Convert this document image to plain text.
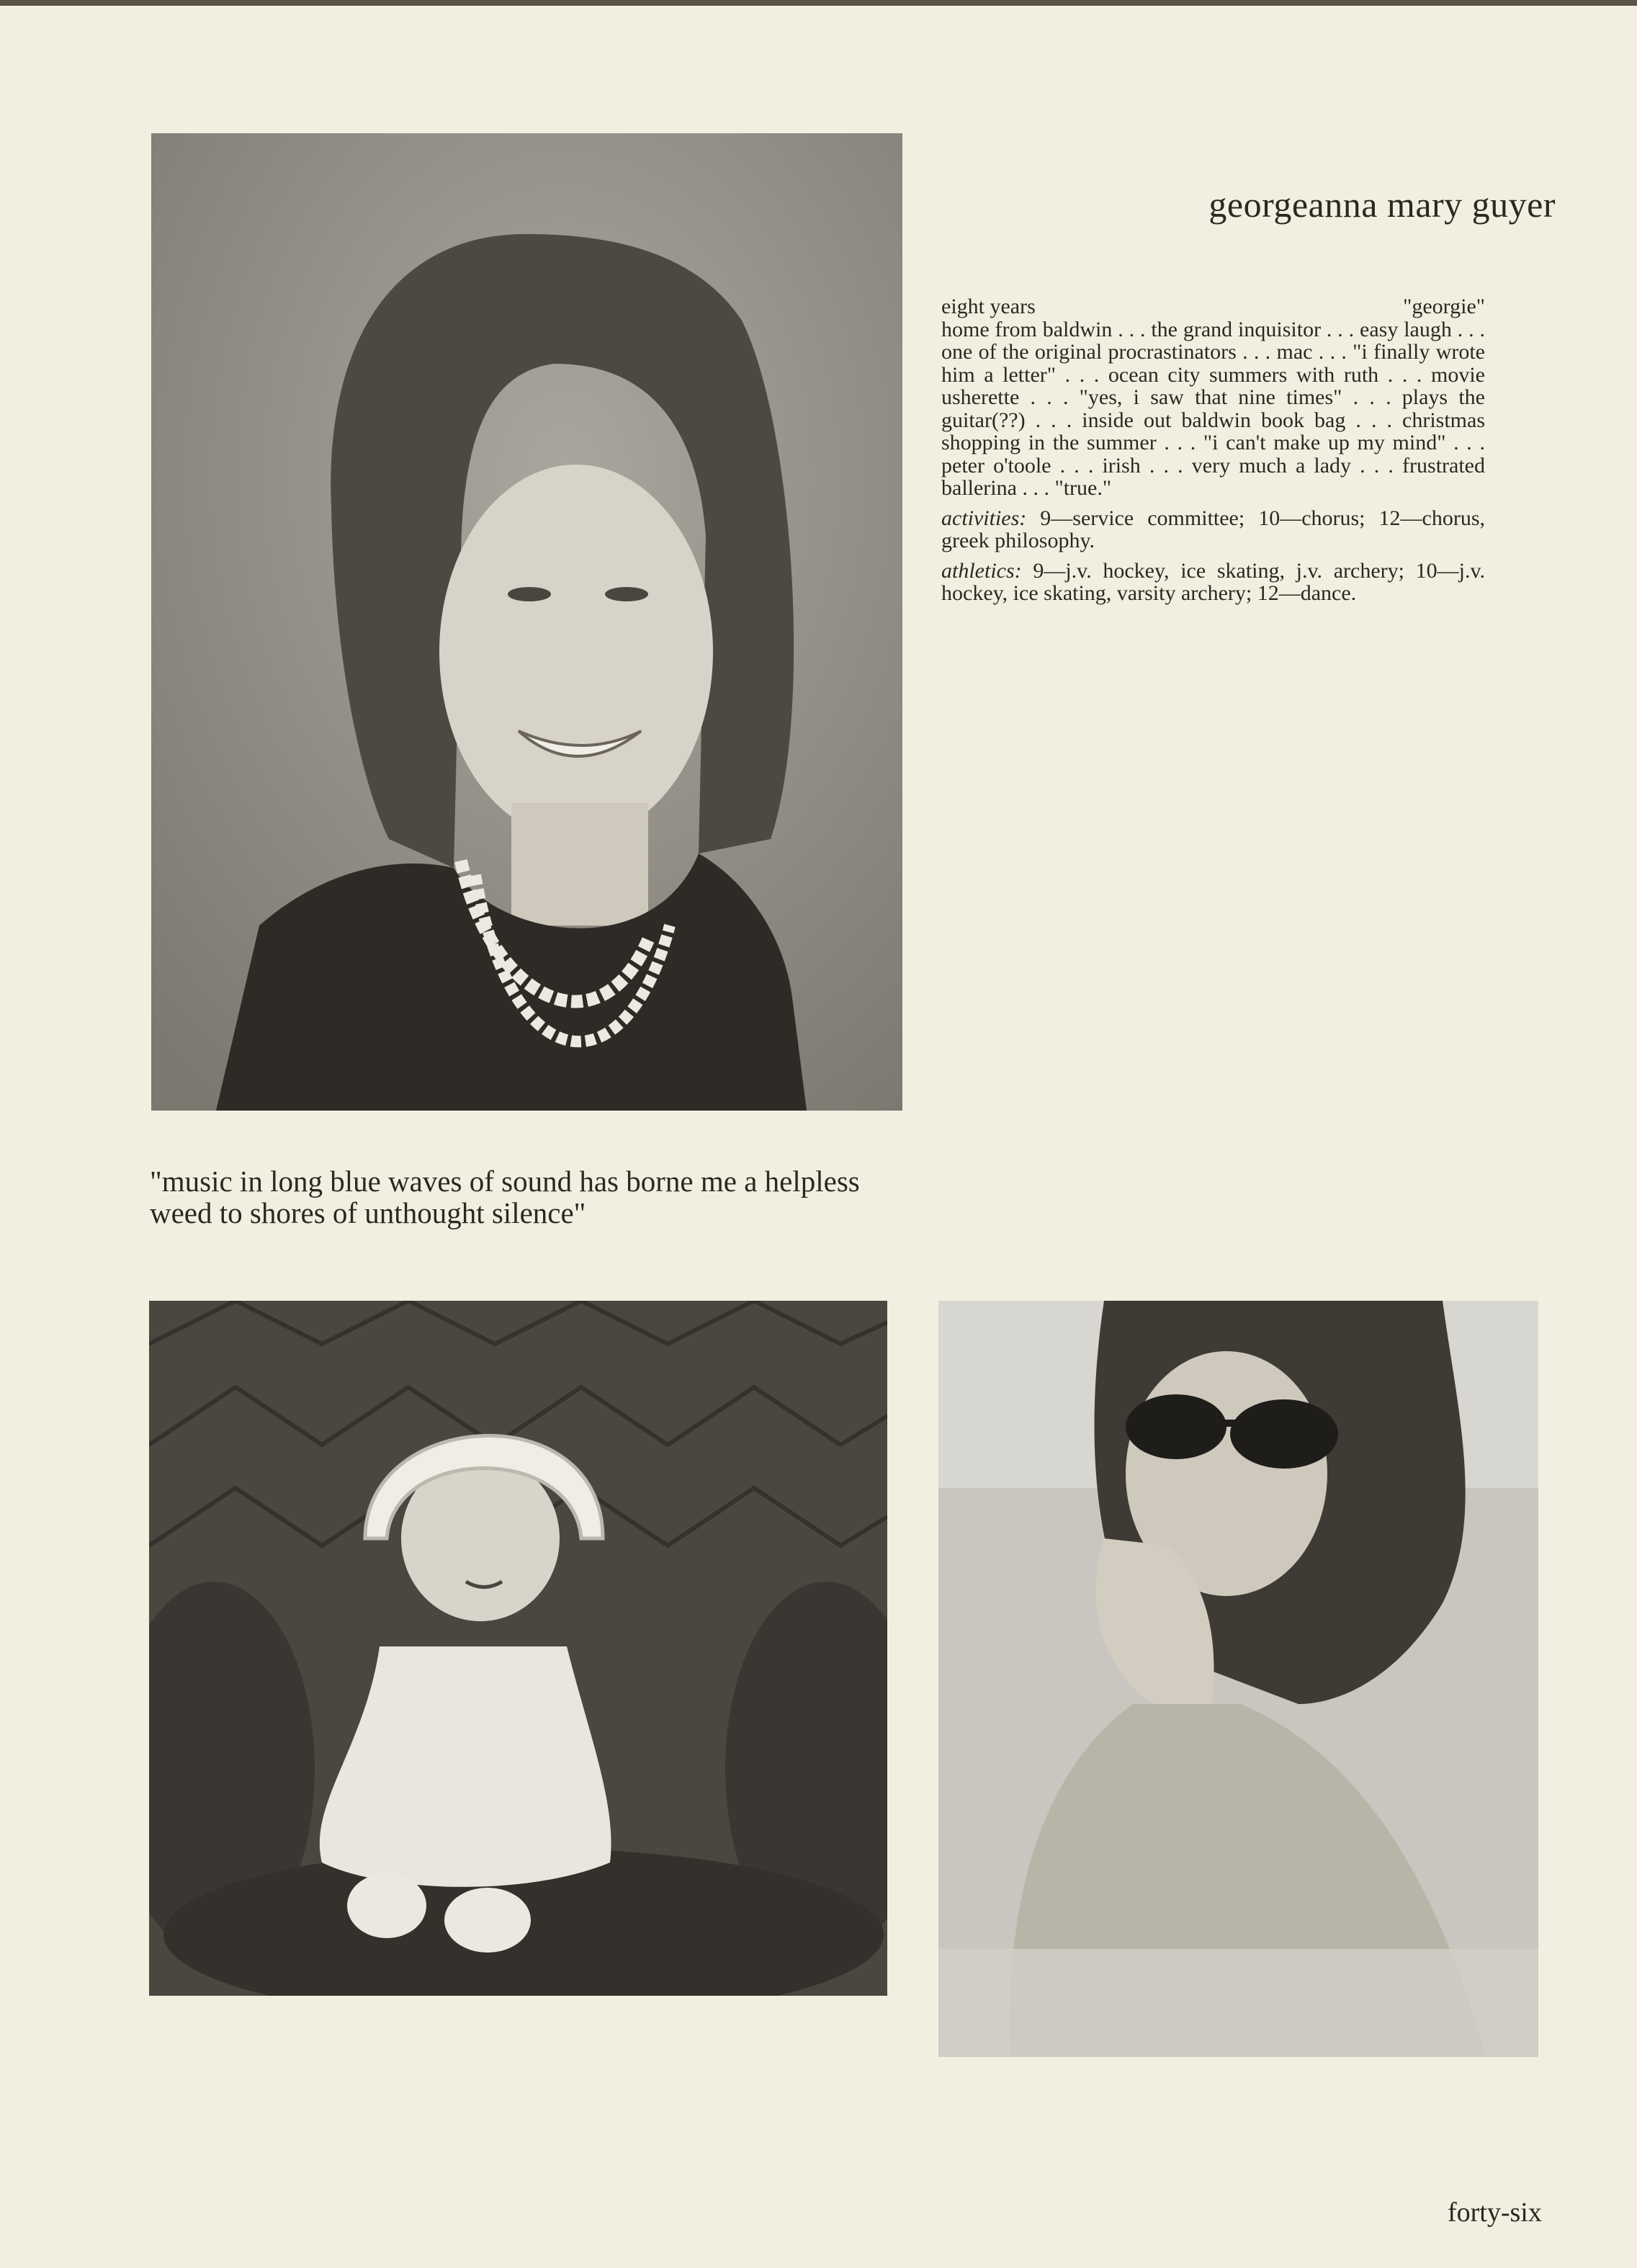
georgeanna mary guyer

eight years	"georgie"

home from baldwin . . . the grand inquisitor . . . easy laugh . . . one of the original procrastinators . . . mac . . . "i finally wrote him a letter" . . . ocean city summers with ruth . . . movie usherette . . . "yes, i saw that nine times" . . . plays the guitar(??) . . . inside out baldwin book bag . . . christmas shopping in the summer . . . "i can't make up my mind" . . . peter o'toole . . . irish . . . very much a lady . . . frustrated ballerina . . . "true."

activities: 9—service committee; 10—chorus; 12—chorus, greek philosophy.

athletics: 9—j.v. hockey, ice skating, j.v. archery; 10—j.v. hockey, ice skating, varsity archery; 12—dance.

"music in long blue waves of sound has borne me a helpless weed to shores of unthought silence"
forty-six
